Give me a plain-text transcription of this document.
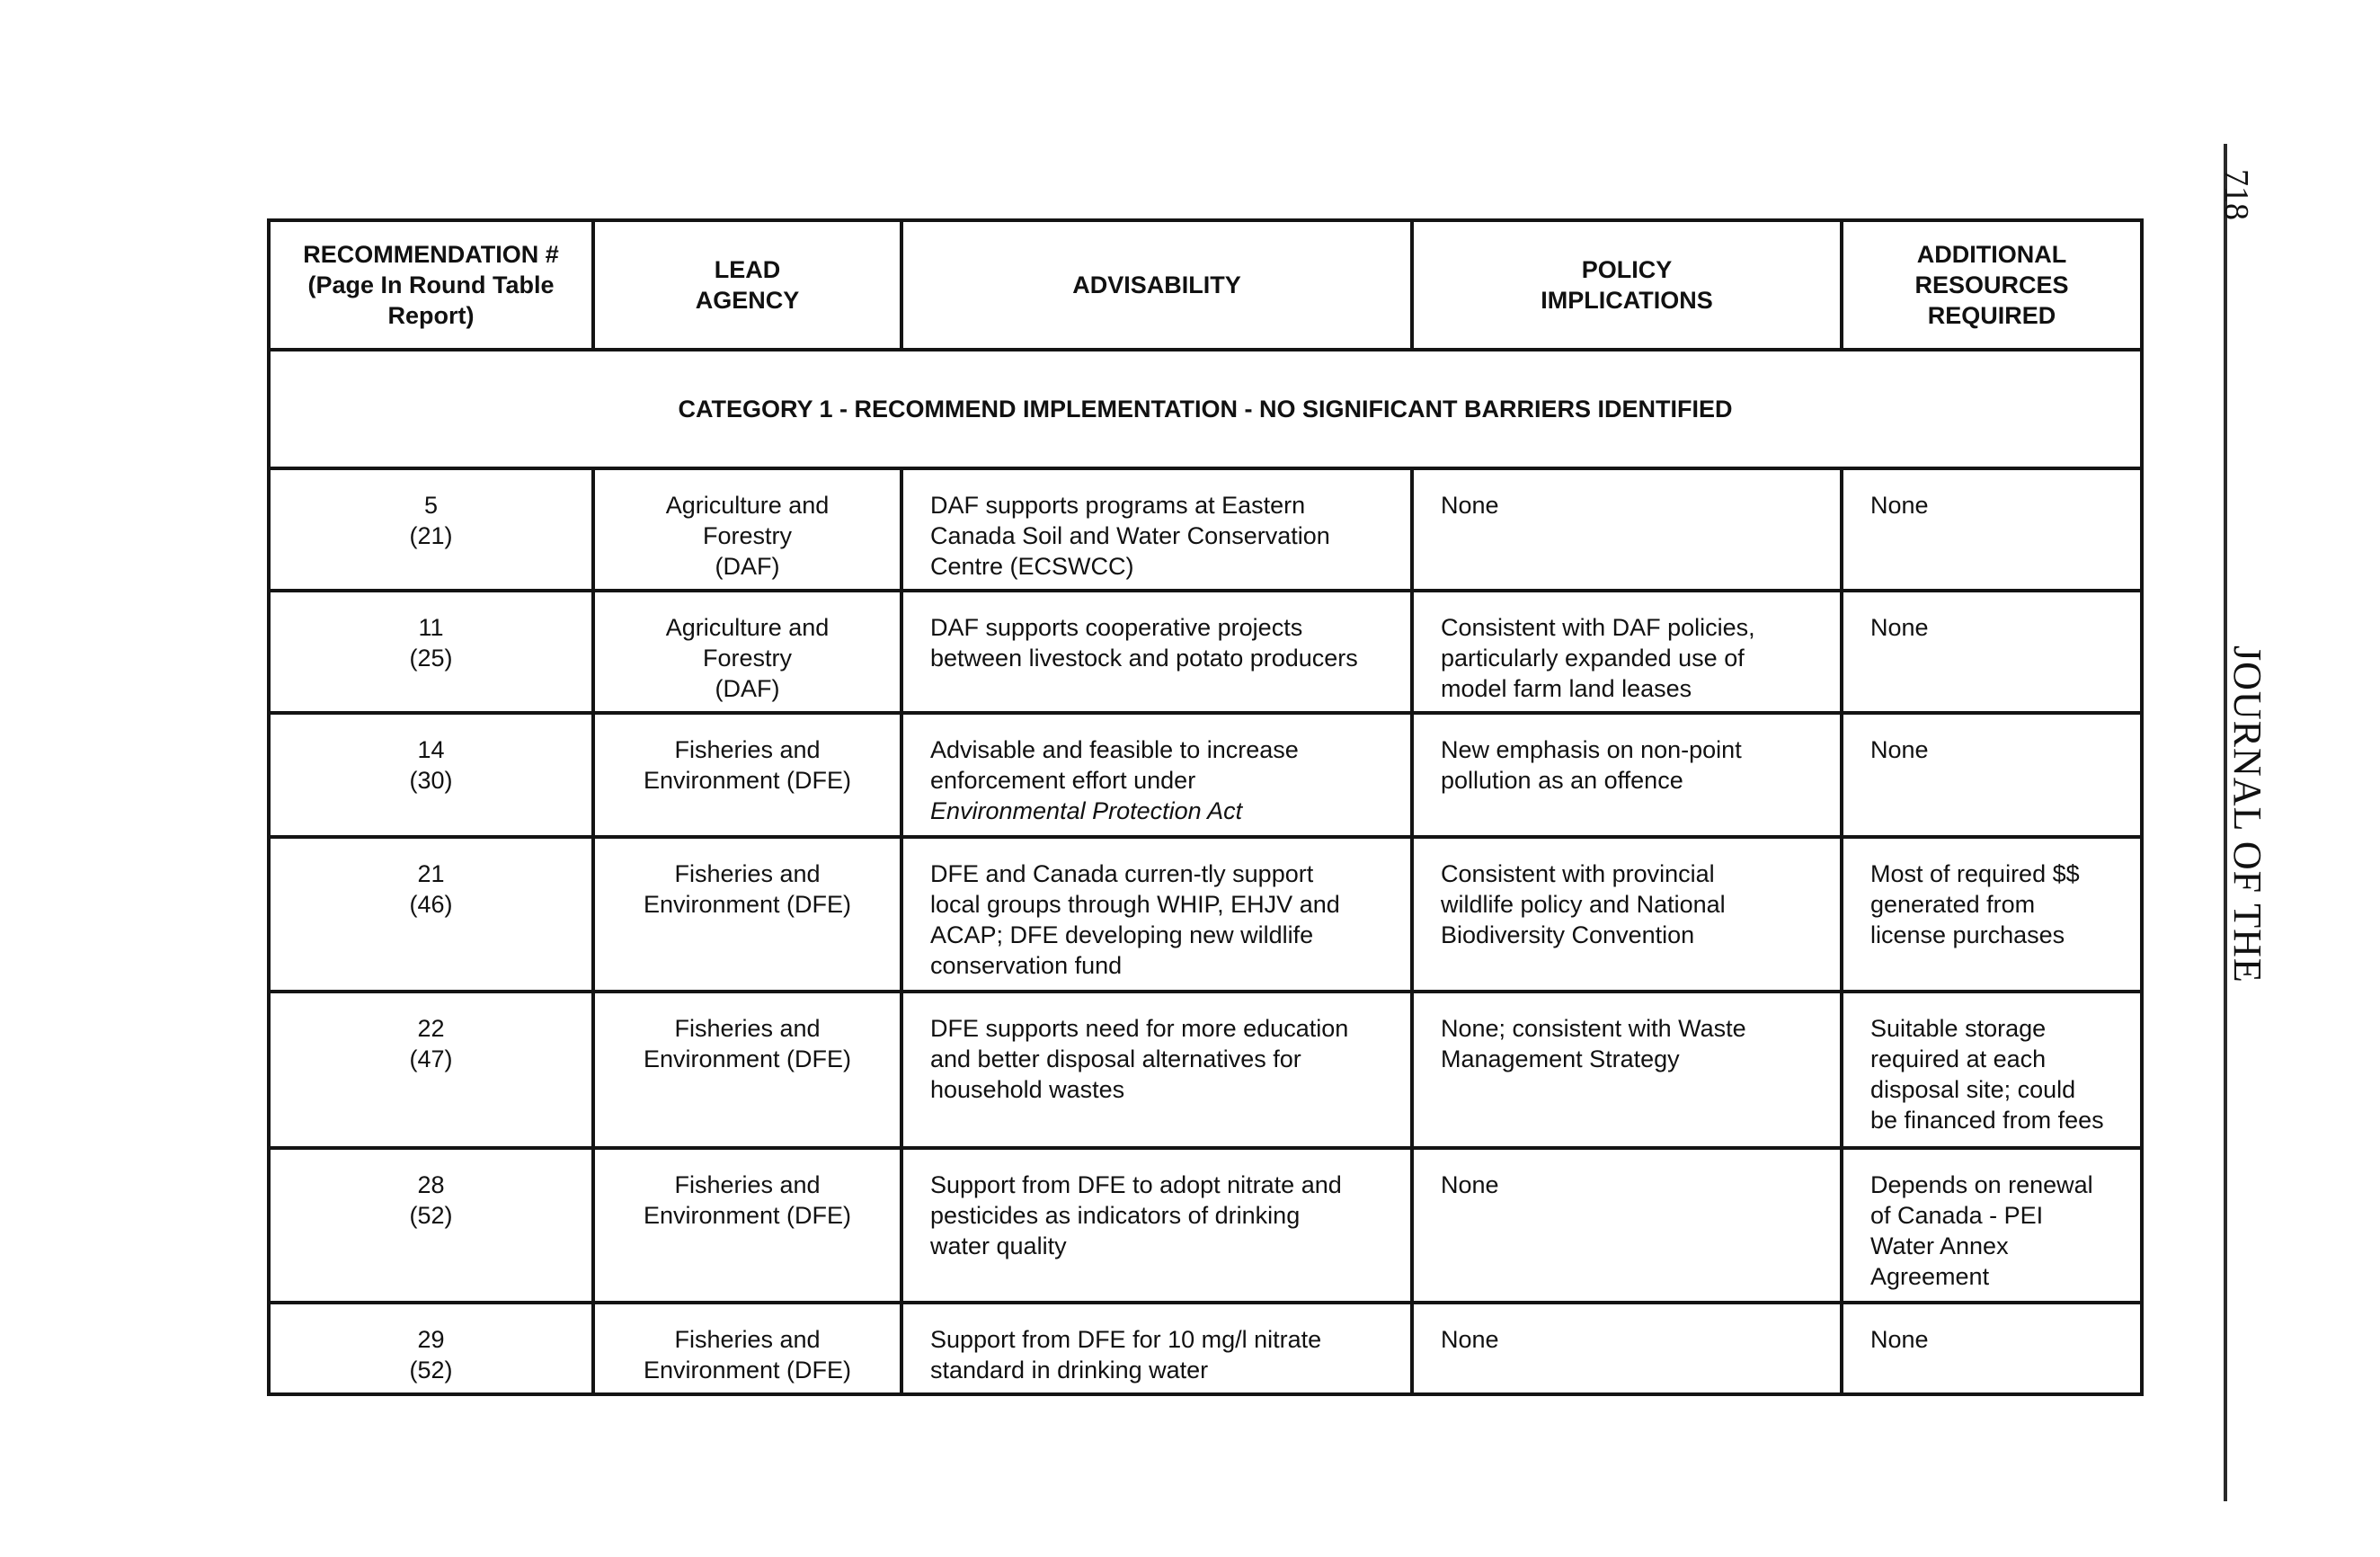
RECOMMENDATION #
(Page In Round Table
Report)	LEAD
AGENCY	ADVISABILITY	POLICY
IMPLICATIONS	ADDITIONAL
RESOURCES
REQUIRED

CATEGORY 1 - RECOMMEND IMPLEMENTATION - NO SIGNIFICANT BARRIERS IDENTIFIED				

5
(21)	Agriculture and
Forestry
(DAF)	DAF supports programs at Eastern
Canada Soil and Water Conservation
Centre (ECSWCC)	None	None

11
(25)	Agriculture and
Forestry
(DAF)	DAF supports cooperative projects
between livestock and potato producers	Consistent with DAF policies,
particularly expanded use of
model farm land leases	None

14
(30)	Fisheries and
Environment (DFE)	Advisable and feasible to increase
enforcement effort under
Environmental Protection Act	New emphasis on non-point
pollution as an offence	None

21
(46)	Fisheries and
Environment (DFE)	DFE and Canada curren-tly support
local groups through WHIP, EHJV and
ACAP; DFE developing new wildlife
conservation fund	Consistent with provincial
wildlife policy and National
Biodiversity Convention	Most of required $$
generated from
license purchases

22
(47)	Fisheries and
Environment (DFE)	DFE supports need for more education
and better disposal alternatives for
household wastes	None; consistent with Waste
Management Strategy	Suitable storage
required at each
disposal site; could
be financed from fees

28
(52)	Fisheries and
Environment (DFE)	Support from DFE to adopt nitrate and
pesticides as indicators of drinking
water quality	None	Depends on renewal
of Canada - PEI
Water Annex
Agreement

29
(52)	Fisheries and
Environment (DFE)	Support from DFE for 10 mg/l nitrate
standard in drinking water	None	None
718
JOURNAL OF THE
